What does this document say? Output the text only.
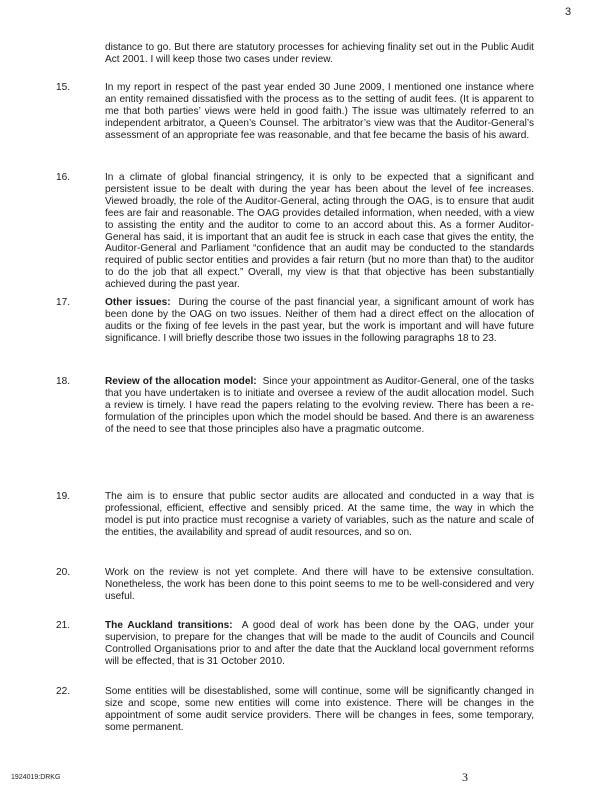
3
distance to go. But there are statutory processes for achieving finality set out in the Public Audit Act 2001. I will keep those two cases under review.
15.	In my report in respect of the past year ended 30 June 2009, I mentioned one instance where an entity remained dissatisfied with the process as to the setting of audit fees. (It is apparent to me that both parties’ views were held in good faith.) The issue was ultimately referred to an independent arbitrator, a Queen’s Counsel. The arbitrator’s view was that the Auditor-General’s assessment of an appropriate fee was reasonable, and that fee became the basis of his award.
16.	In a climate of global financial stringency, it is only to be expected that a significant and persistent issue to be dealt with during the year has been about the level of fee increases. Viewed broadly, the role of the Auditor-General, acting through the OAG, is to ensure that audit fees are fair and reasonable. The OAG provides detailed information, when needed, with a view to assisting the entity and the auditor to come to an accord about this. As a former Auditor-General has said, it is important that an audit fee is struck in each case that gives the entity, the Auditor-General and Parliament “confidence that an audit may be conducted to the standards required of public sector entities and provides a fair return (but no more than that) to the auditor to do the job that all expect.” Overall, my view is that that objective has been substantially achieved during the past year.
17.	Other issues: During the course of the past financial year, a significant amount of work has been done by the OAG on two issues. Neither of them had a direct effect on the allocation of audits or the fixing of fee levels in the past year, but the work is important and will have future significance. I will briefly describe those two issues in the following paragraphs 18 to 23.
18.	Review of the allocation model: Since your appointment as Auditor-General, one of the tasks that you have undertaken is to initiate and oversee a review of the audit allocation model. Such a review is timely. I have read the papers relating to the evolving review. There has been a re-formulation of the principles upon which the model should be based. And there is an awareness of the need to see that those principles also have a pragmatic outcome.
19.	The aim is to ensure that public sector audits are allocated and conducted in a way that is professional, efficient, effective and sensibly priced. At the same time, the way in which the model is put into practice must recognise a variety of variables, such as the nature and scale of the entities, the availability and spread of audit resources, and so on.
20.	Work on the review is not yet complete. And there will have to be extensive consultation. Nonetheless, the work has been done to this point seems to me to be well-considered and very useful.
21.	The Auckland transitions: A good deal of work has been done by the OAG, under your supervision, to prepare for the changes that will be made to the audit of Councils and Council Controlled Organisations prior to and after the date that the Auckland local government reforms will be effected, that is 31 October 2010.
22.	Some entities will be disestablished, some will continue, some will be significantly changed in size and scope, some new entities will come into existence. There will be changes in the appointment of some audit service providers. There will be changes in fees, some temporary, some permanent.
1924019:DRKG	3
